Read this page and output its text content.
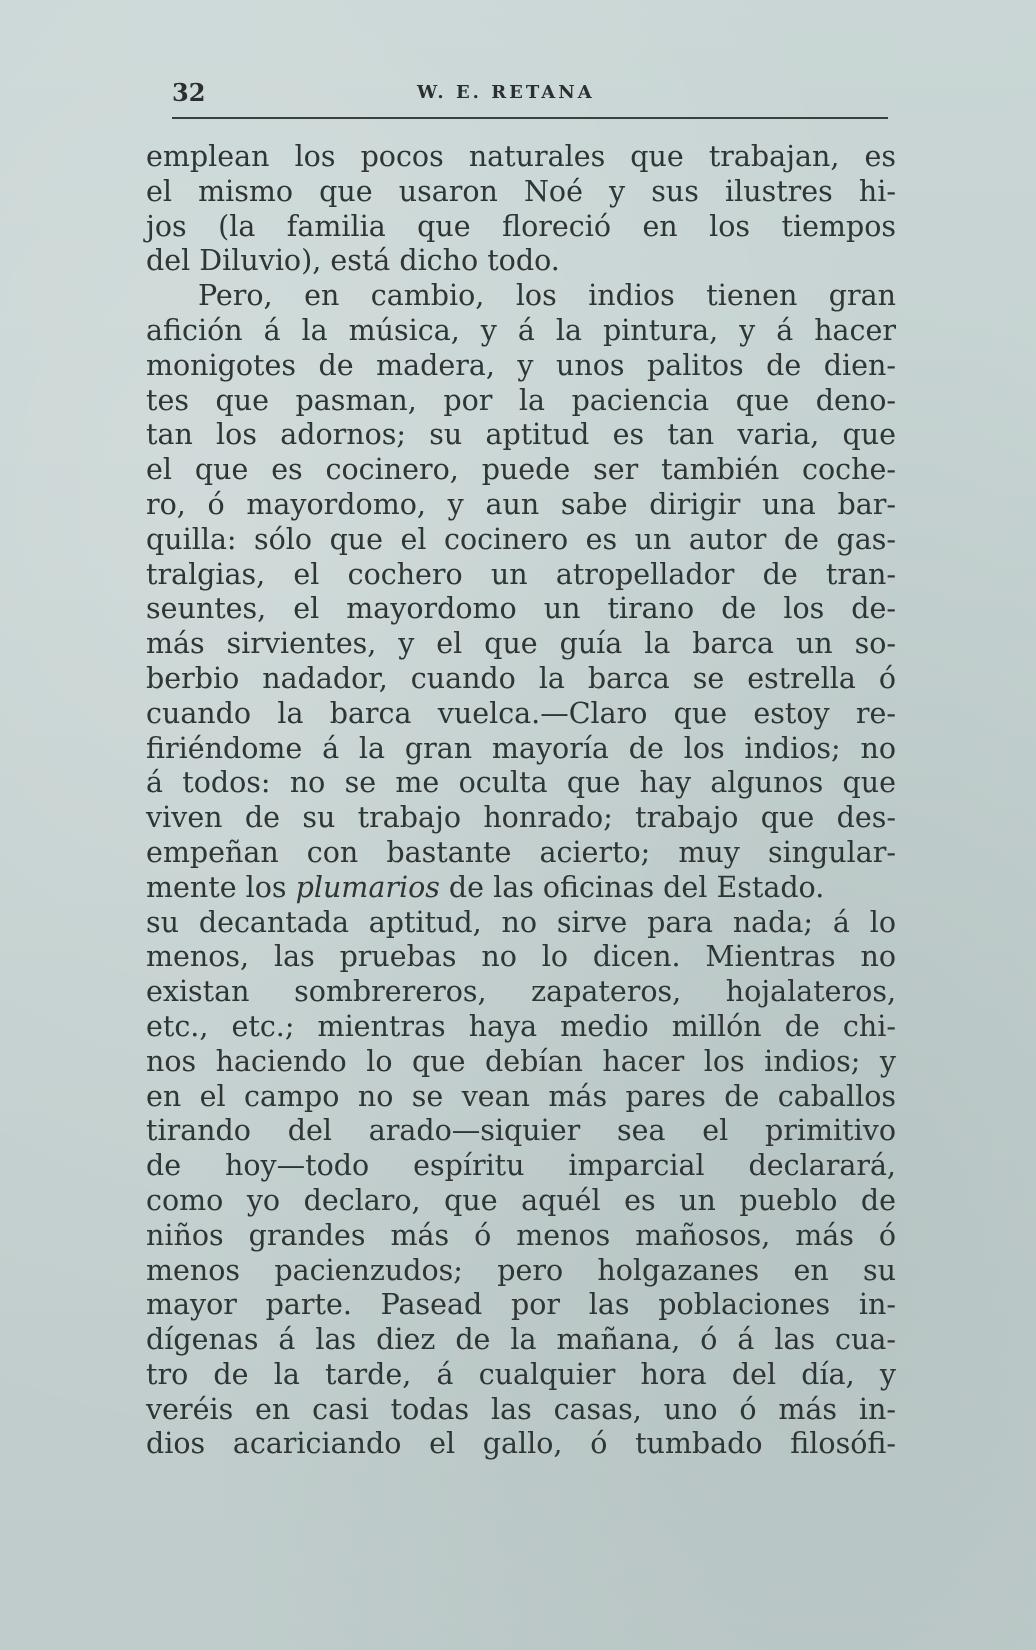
32	W. E. RETANA
emplean los pocos naturales que trabajan, es
el mismo que usaron Noé y sus ilustres hi-
jos (la familia que floreció en los tiempos
del Diluvio), está dicho todo.
Pero, en cambio, los indios tienen gran
afición á la música, y á la pintura, y á hacer
monigotes de madera, y unos palitos de dien-
tes que pasman, por la paciencia que deno-
tan los adornos; su aptitud es tan varia, que
el que es cocinero, puede ser también coche-
ro, ó mayordomo, y aun sabe dirigir una bar-
quilla: sólo que el cocinero es un autor de gas-
tralgias, el cochero un atropellador de tran-
seuntes, el mayordomo un tirano de los de-
más sirvientes, y el que guía la barca un so-
berbio nadador, cuando la barca se estrella ó
cuando la barca vuelca.—Claro que estoy re-
firiéndome á la gran mayoría de los indios; no
á todos: no se me oculta que hay algunos que
viven de su trabajo honrado; trabajo que des-
empeñan con bastante acierto; muy singular-
mente los plumarios de las oficinas del Estado.
su decantada aptitud, no sirve para nada; á lo
menos, las pruebas no lo dicen. Mientras no
existan sombrereros, zapateros, hojalateros,
etc., etc.; mientras haya medio millón de chi-
nos haciendo lo que debían hacer los indios; y
en el campo no se vean más pares de caballos
tirando del arado—siquier sea el primitivo
de hoy—todo espíritu imparcial declarará,
como yo declaro, que aquél es un pueblo de
niños grandes más ó menos mañosos, más ó
menos pacienzudos; pero holgazanes en su
mayor parte. Pasead por las poblaciones in-
dígenas á las diez de la mañana, ó á las cua-
tro de la tarde, á cualquier hora del día, y
veréis en casi todas las casas, uno ó más in-
dios acariciando el gallo, ó tumbado filosófi-
